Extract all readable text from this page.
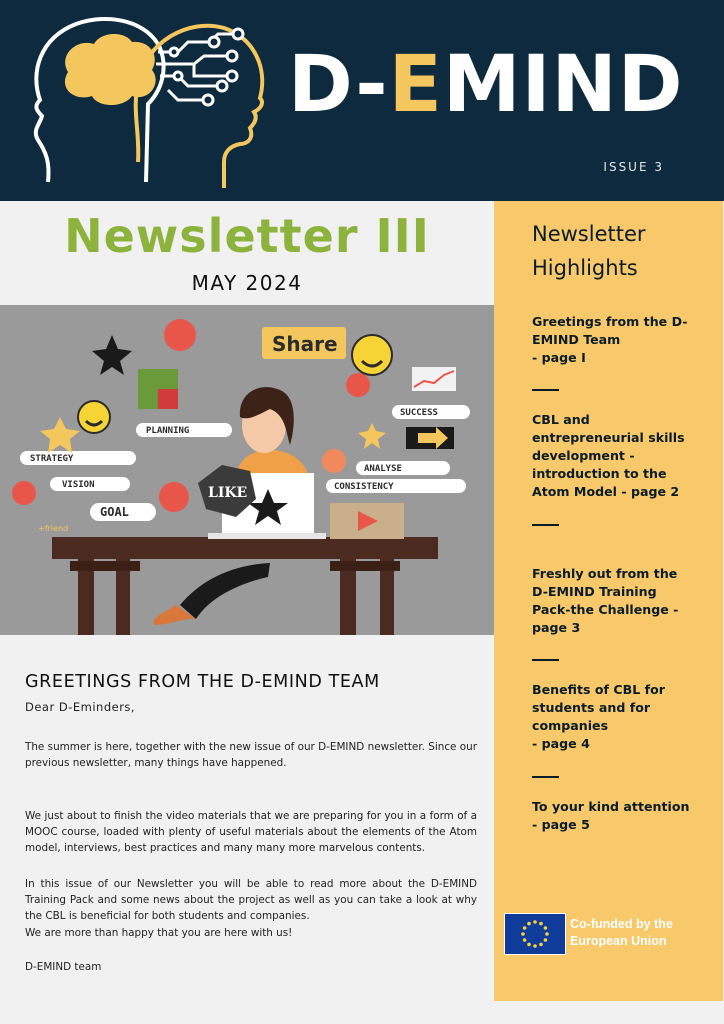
D-EMIND
ISSUE 3
Newsletter III
MAY 2024
LIKE
Share
PLANNING
STRATEGY
VISION
GOAL
SUCCESS
ANALYSE
CONSISTENCY
+friend
GREETINGS FROM THE D-EMIND TEAM
Dear D-Eminders,

The summer is here, together with the new issue of our D-EMIND newsletter. Since our previous newsletter, many things have happened.

We just about to finish the video materials that we are preparing for you in a form of a MOOC course, loaded with plenty of useful materials about the elements of the Atom model, interviews, best practices and many many more marvelous contents.

In this issue of our Newsletter you will be able to read more about the D-EMIND Training Pack and some news about the project as well as you can take a look at why the CBL is beneficial for both students and companies.

We are more than happy that you are here with us!

D-EMIND team

Newsletter Highlights
Greetings from the D-EMIND Team
- page I
CBL and entrepreneurial skills development - introduction to the Atom Model - page 2
Freshly out from the D-EMIND Training Pack-the Challenge - page 3
Benefits of CBL for students and for companies
- page 4
To your kind attention
- page 5
Co-funded by the European Union
